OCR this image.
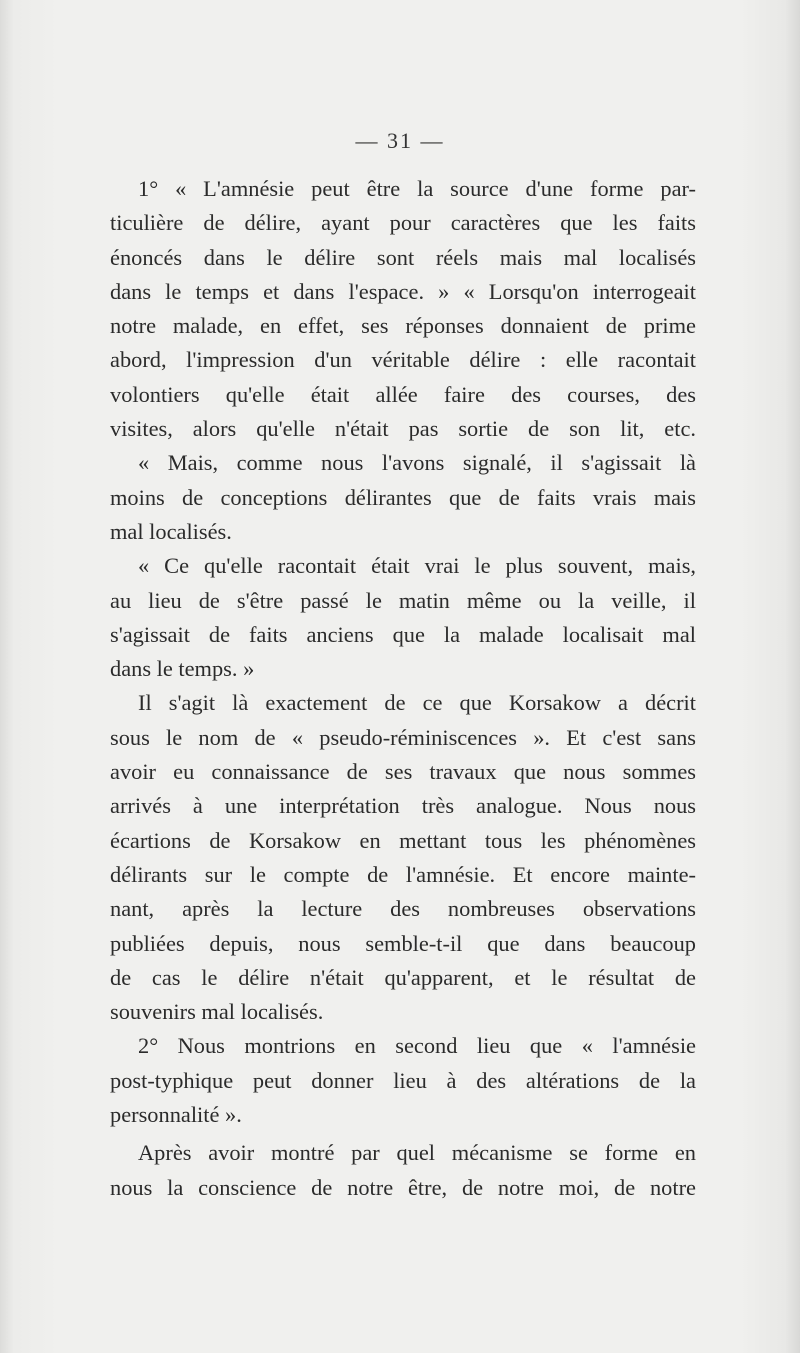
— 31 —

1° « L'amnésie peut être la source d'une forme par-

ticulière de délire, ayant pour caractères que les faits

énoncés dans le délire sont réels mais mal localisés

dans le temps et dans l'espace. » « Lorsqu'on interrogeait

notre malade, en effet, ses réponses donnaient de prime

abord, l'impression d'un véritable délire : elle racontait

volontiers qu'elle était allée faire des courses, des

visites, alors qu'elle n'était pas sortie de son lit, etc.

« Mais, comme nous l'avons signalé, il s'agissait là

moins de conceptions délirantes que de faits vrais mais

mal localisés.

« Ce qu'elle racontait était vrai le plus souvent, mais,

au lieu de s'être passé le matin même ou la veille, il

s'agissait de faits anciens que la malade localisait mal

dans le temps. »

Il s'agit là exactement de ce que Korsakow a décrit

sous le nom de « pseudo-réminiscences ». Et c'est sans

avoir eu connaissance de ses travaux que nous sommes

arrivés à une interprétation très analogue. Nous nous

écartions de Korsakow en mettant tous les phénomènes

délirants sur le compte de l'amnésie. Et encore mainte-

nant, après la lecture des nombreuses observations

publiées depuis, nous semble-t-il que dans beaucoup

de cas le délire n'était qu'apparent, et le résultat de

souvenirs mal localisés.

2° Nous montrions en second lieu que « l'amnésie

post-typhique peut donner lieu à des altérations de la

personnalité ».

Après avoir montré par quel mécanisme se forme en

nous la conscience de notre être, de notre moi, de notre
